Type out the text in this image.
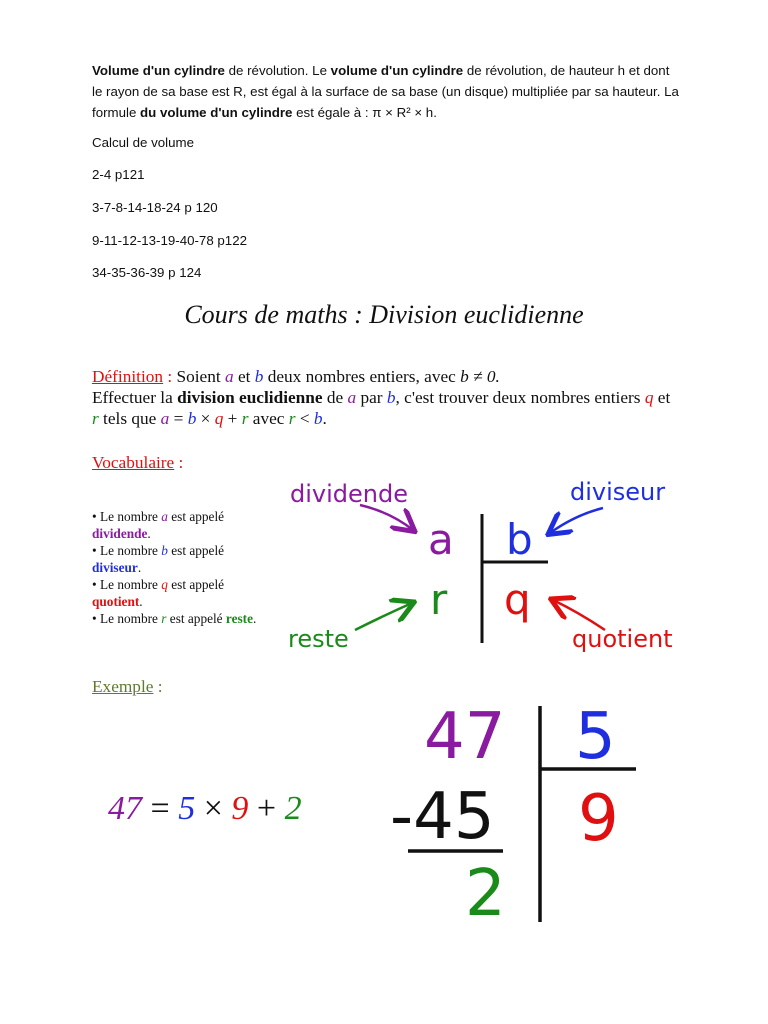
Volume d'un cylindre de révolution. Le volume d'un cylindre de révolution, de hauteur h et dont le rayon de sa base est R, est égal à la surface de sa base (un disque) multipliée par sa hauteur. La formule du volume d'un cylindre est égale à : π × R² × h.
Calcul de volume
2-4 p121
3-7-8-14-18-24 p 120
9-11-12-13-19-40-78 p122
34-35-36-39 p 124
Cours de maths : Division euclidienne
Définition : Soient a et b deux nombres entiers, avec b ≠ 0.
Effectuer la division euclidienne de a par b, c'est trouver deux nombres entiers q et r tels que a = b × q + r avec r < b.
Vocabulaire :
• Le nombre a est appelé
dividende.
• Le nombre b est appelé
diviseur.
• Le nombre q est appelé
quotient.
• Le nombre r est appelé reste.
dividende	diviseur
reste	quotient
a b
r q
47 5
-45 9
2
Exemple :
47 = 5 × 9 + 2
